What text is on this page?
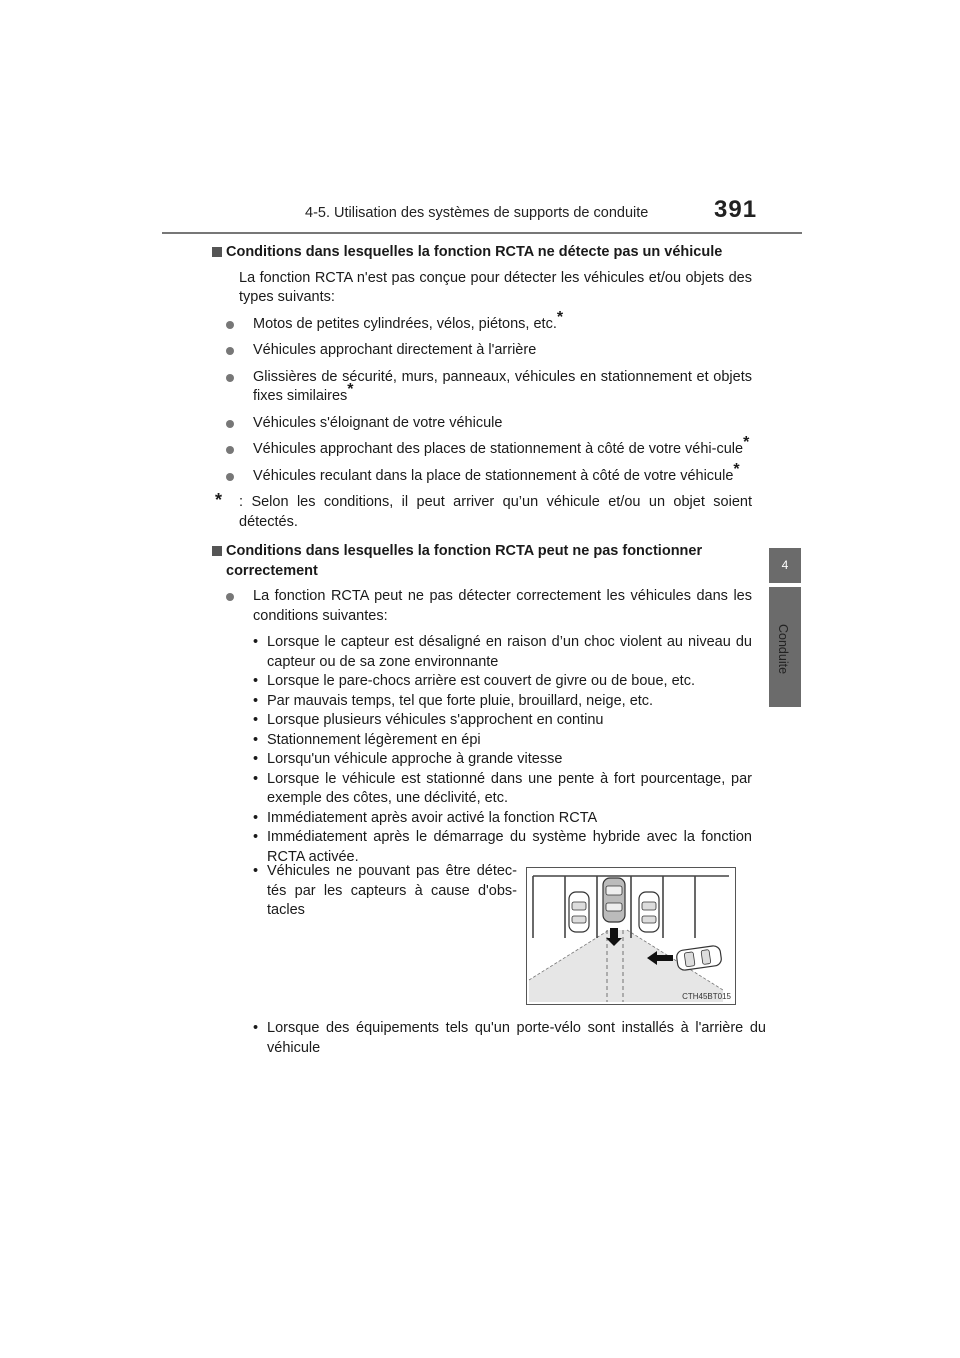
4-5. Utilisation des systèmes de supports de conduite	391
4
Conduite
Conditions dans lesquelles la fonction RCTA ne détecte pas un véhicule

La fonction RCTA n'est pas conçue pour détecter les véhicules et/ou objets des types suivants:

Motos de petites cylindrées, vélos, piétons, etc.*
Véhicules approchant directement à l'arrière
Glissières de sécurité, murs, panneaux, véhicules en stationnement et objets fixes similaires*
Véhicules s'éloignant de votre véhicule
Véhicules approchant des places de stationnement à côté de votre véhi-cule*
Véhicules reculant dans la place de stationnement à côté de votre véhicule*
* : Selon les conditions, il peut arriver qu’un véhicule et/ou un objet soient détectés.
Conditions dans lesquelles la fonction RCTA peut ne pas fonctionner correctement
La fonction RCTA peut ne pas détecter correctement les véhicules dans les conditions suivantes:
• Lorsque le capteur est désaligné en raison d’un choc violent au niveau du capteur ou de sa zone environnante
• Lorsque le pare-chocs arrière est couvert de givre ou de boue, etc.
• Par mauvais temps, tel que forte pluie, brouillard, neige, etc.
• Lorsque plusieurs véhicules s'approchent en continu
• Stationnement légèrement en épi
• Lorsqu'un véhicule approche à grande vitesse
• Lorsque le véhicule est stationné dans une pente à fort pourcentage, par exemple des côtes, une déclivité, etc.
• Immédiatement après avoir activé la fonction RCTA
• Immédiatement après le démarrage du système hybride avec la fonction RCTA activée.
• Véhicules ne pouvant pas être détec-tés par les capteurs à cause d'obs-tacles
CTH45BT015
• Lorsque des équipements tels qu'un porte-vélo sont installés à l'arrière du véhicule
